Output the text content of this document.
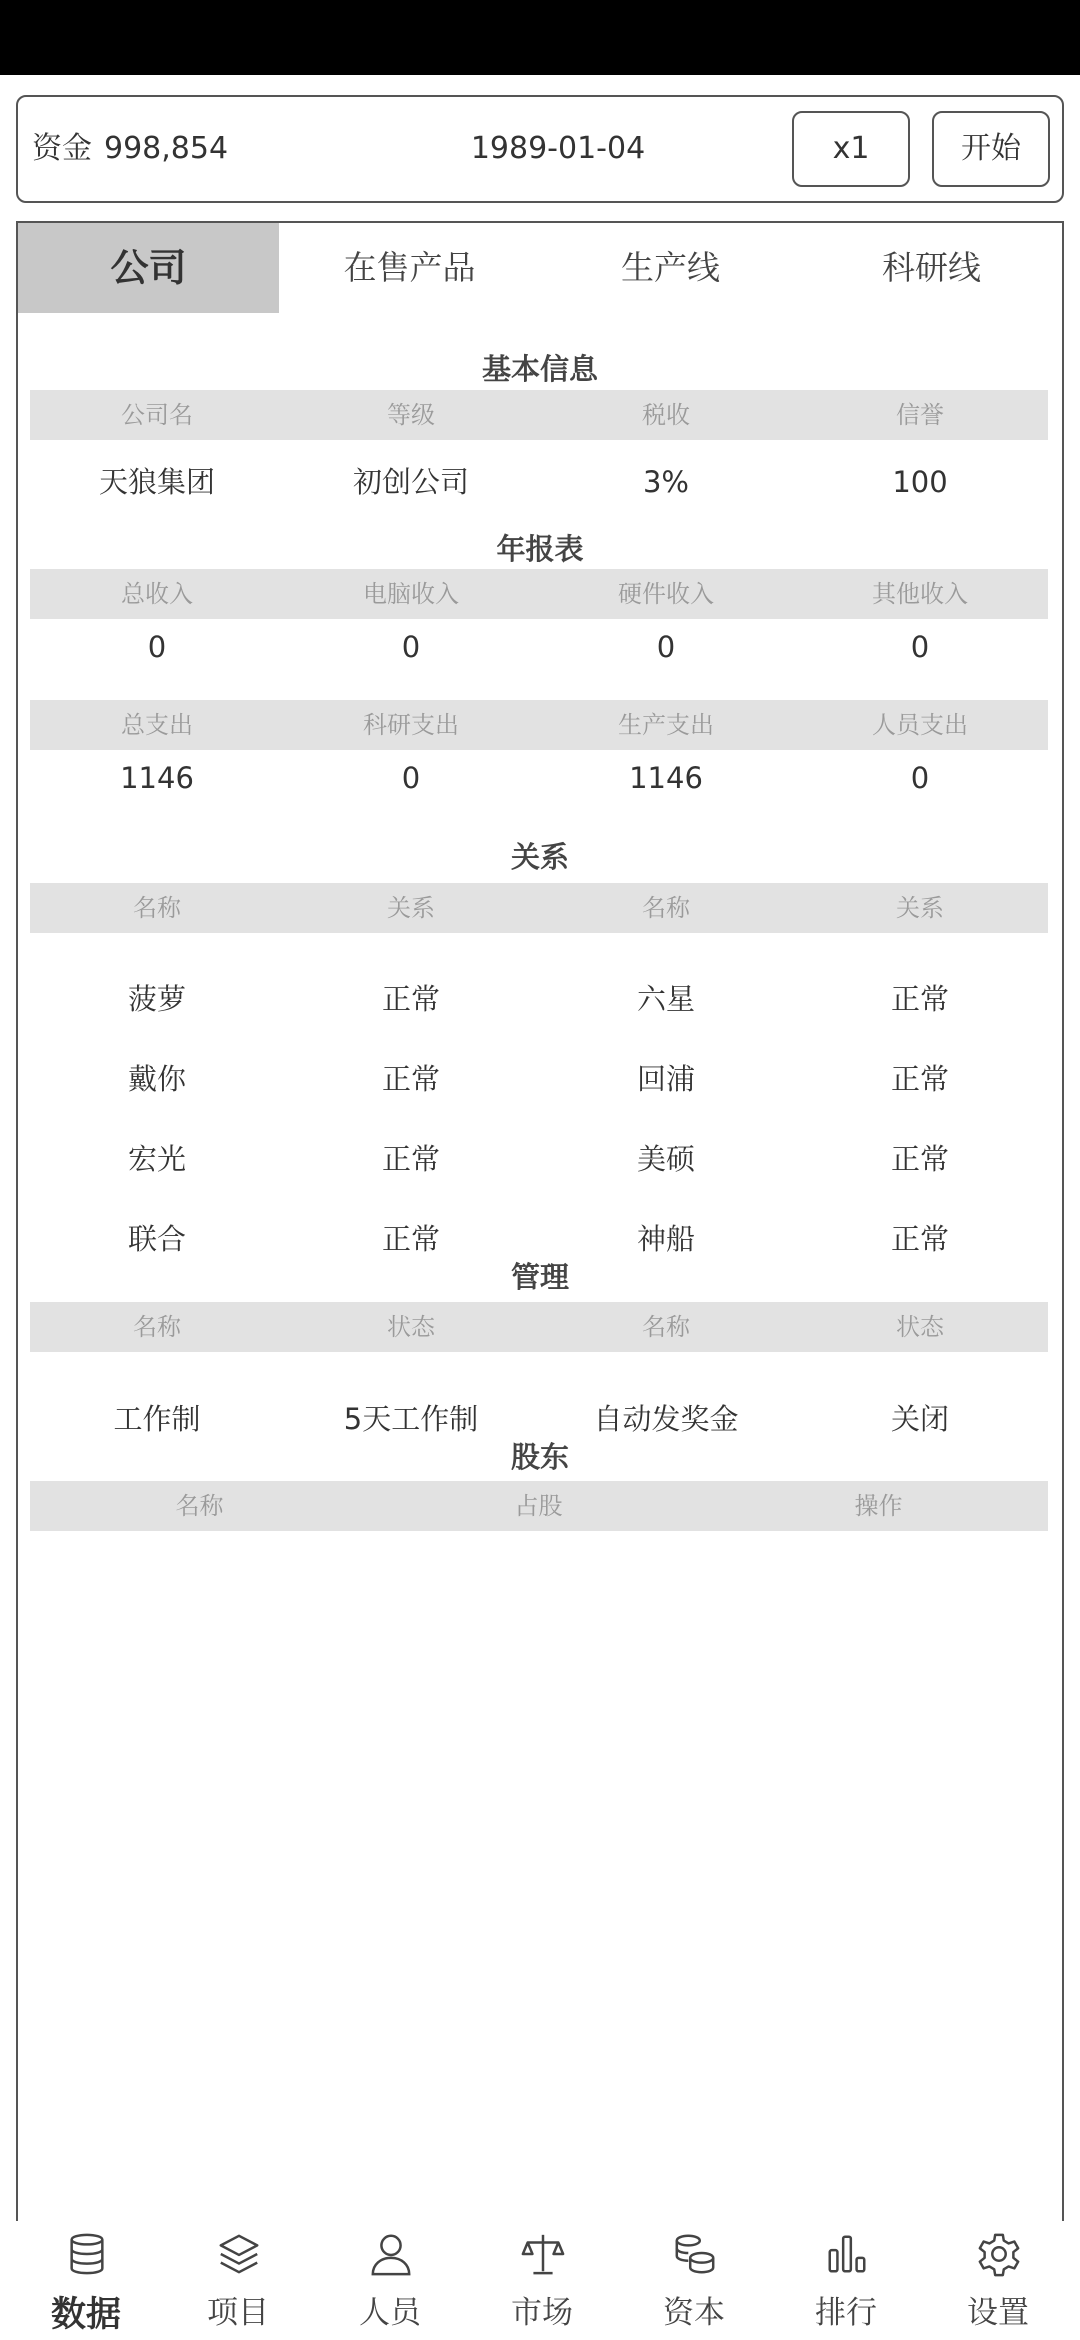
资金 998,854	1989-01-04	x1	开始
公司	在售产品	生产线	科研线
基本信息
公司名	等级	税收	信誉
天狼集团	初创公司	3%	100
年报表
总收入	电脑收入	硬件收入	其他收入
0	0	0	0
总支出	科研支出	生产支出	人员支出
1146	0	1146	0
关系
名称	关系	名称	关系
菠萝	正常	六星	正常
戴你	正常	回浦	正常
宏光	正常	美硕	正常
联合	正常	神船	正常
管理
名称	状态	名称	状态
工作制	5天工作制	自动发奖金	关闭
股东
名称	占股	操作
数据	项目	人员	市场	资本	排行	设置
